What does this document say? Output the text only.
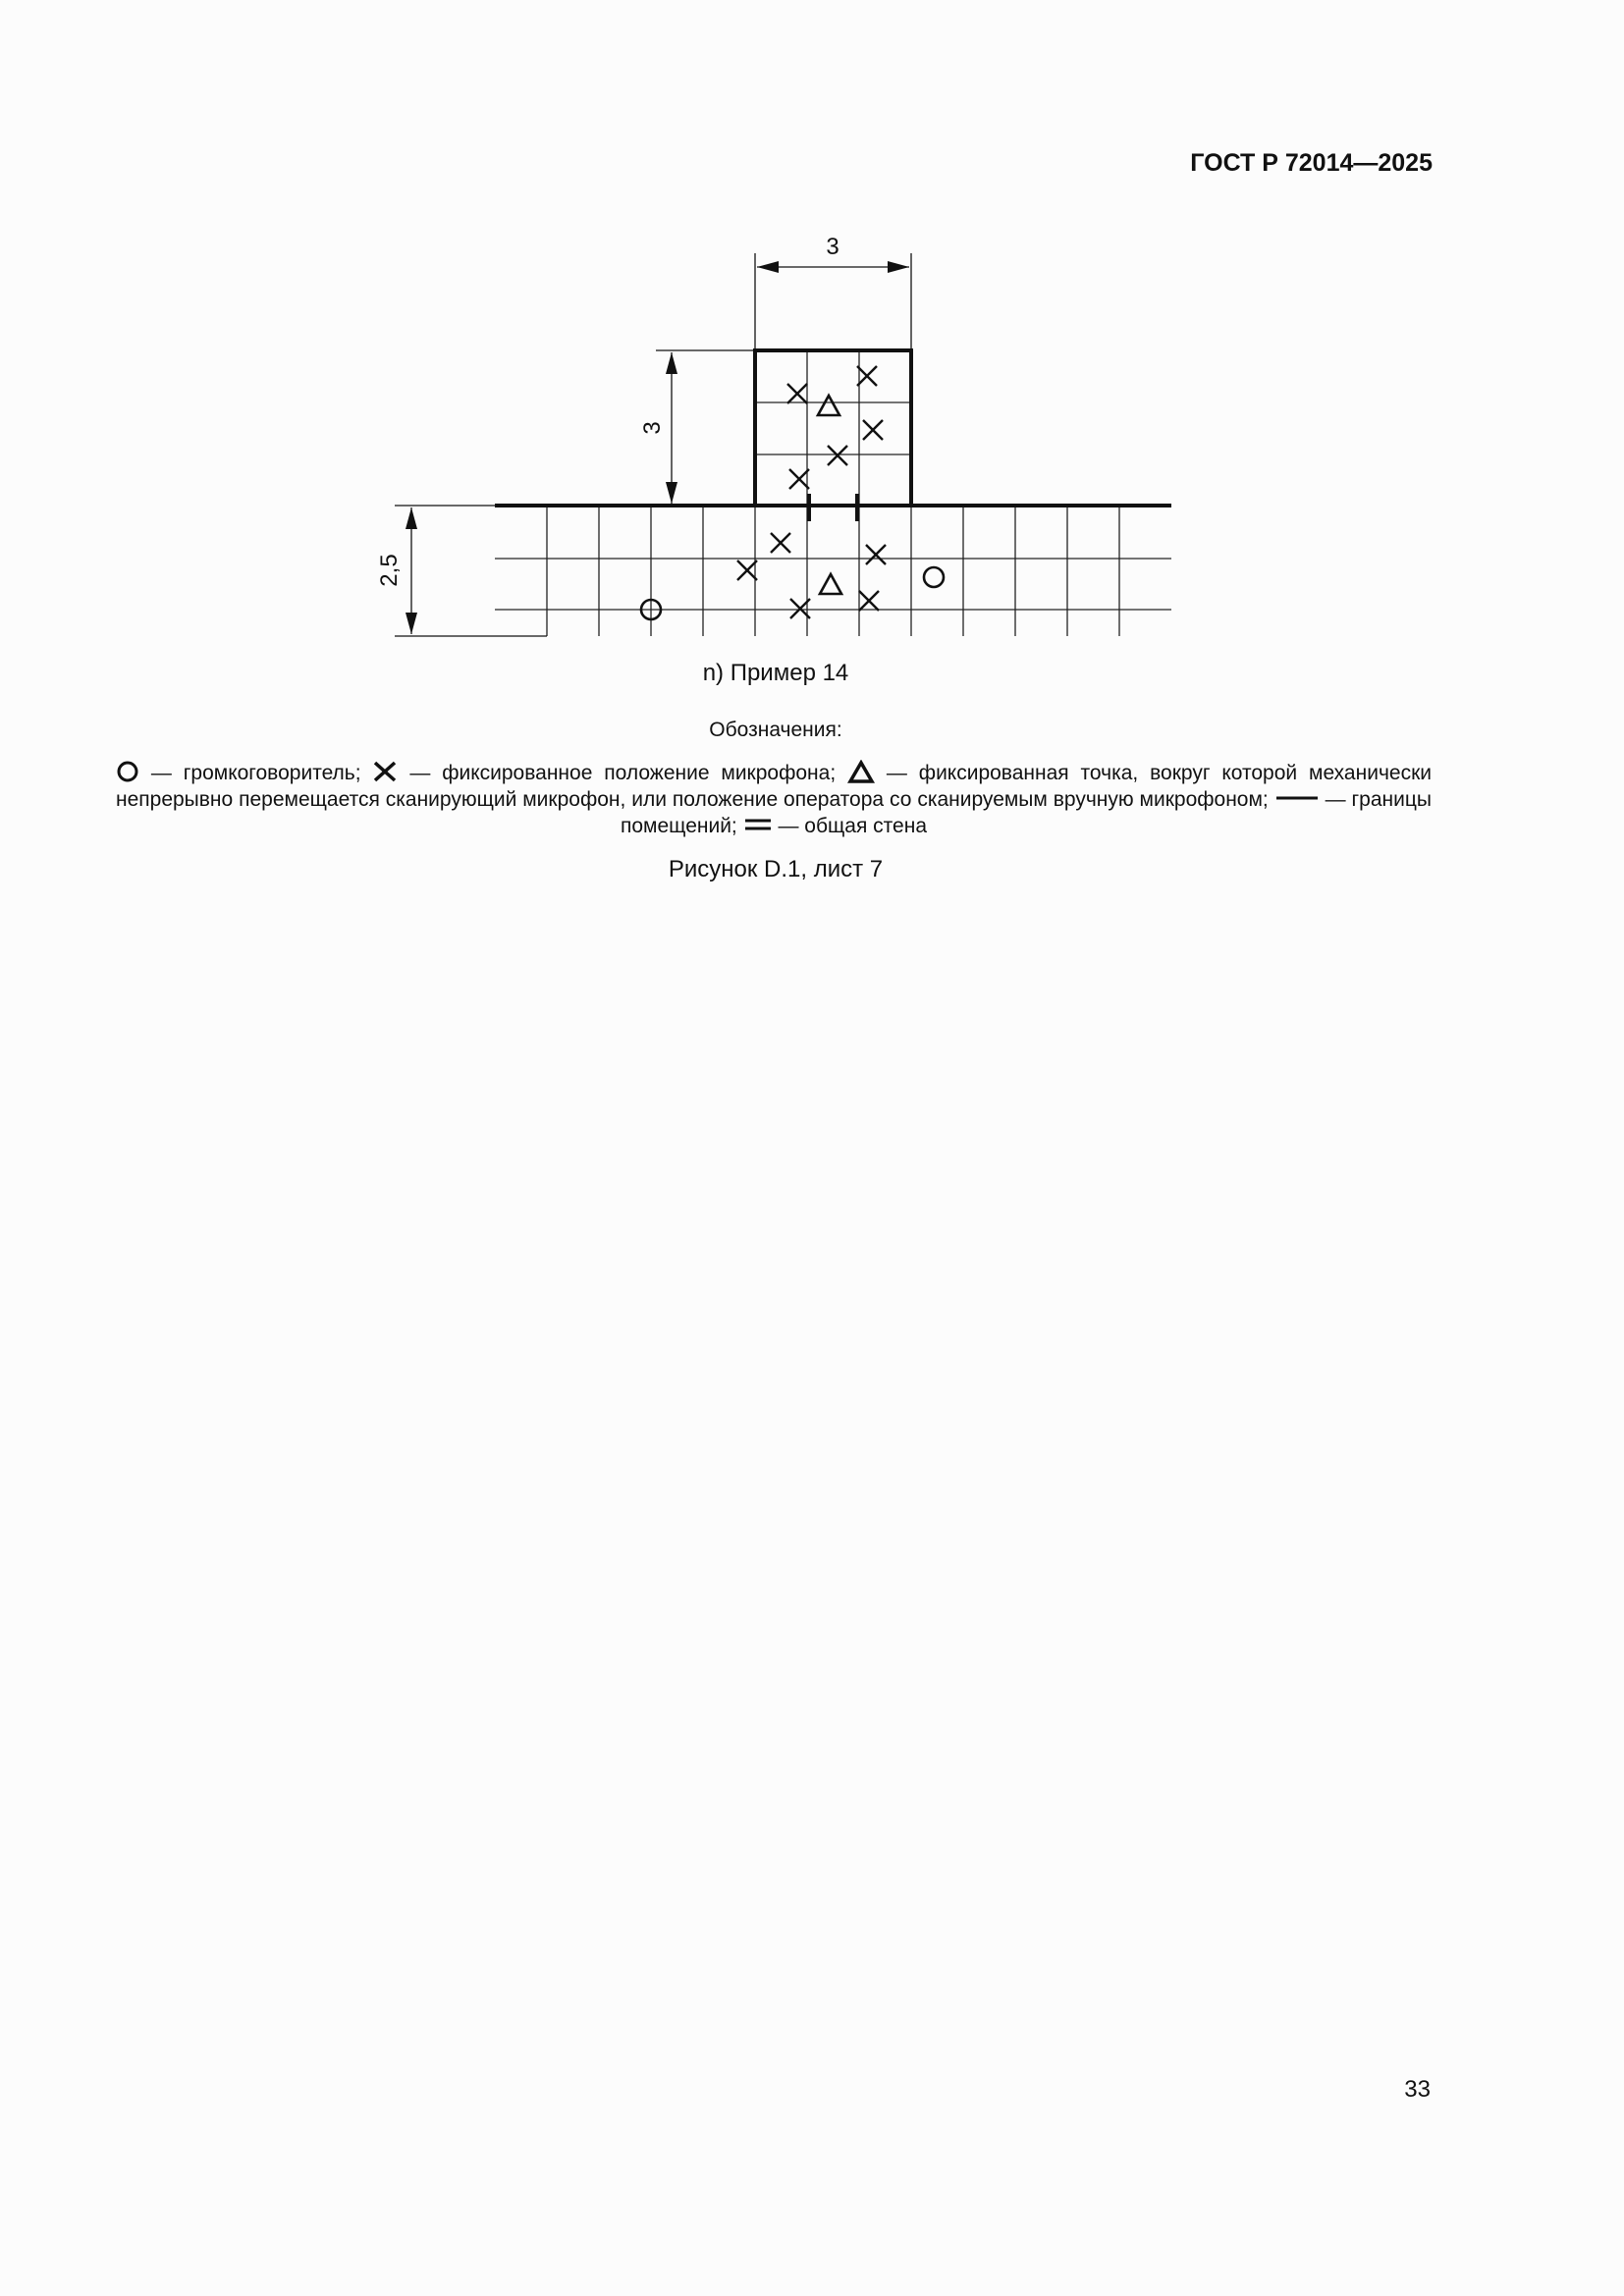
ГОСТ Р 72014—2025
3
3
2,5
n) Пример 14
Обозначения:
— громкоговоритель; — фиксированное положение микрофона; — фиксированная точка, вокруг которой механически непрерывно перемещается сканирующий микрофон, или положение оператора со сканируемым вручную микрофоном;	— границы помещений; — общая стена
Рисунок D.1, лист 7
33
